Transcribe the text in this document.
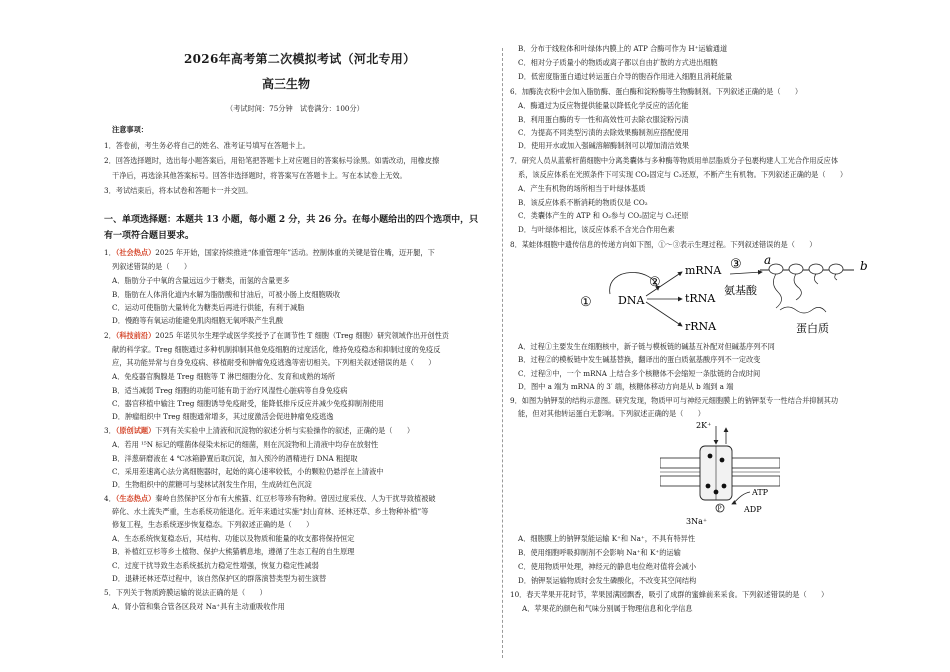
2026年高考第二次模拟考试（河北专用）
高三生物
（考试时间：75分钟　试卷满分：100分）
注意事项：
1．答卷前，考生务必将自己的姓名、准考证号填写在答题卡上。
2．回答选择题时，选出每小题答案后，用铅笔把答题卡上对应题目的答案标号涂黑。如需改动，用橡皮擦
干净后，再选涂其他答案标号。回答非选择题时，将答案写在答题卡上。写在本试卷上无效。
3．考试结束后，将本试卷和答题卡一并交回。
一、单项选择题：本题共 13 小题，每小题 2 分，共 26 分。在每小题给出的四个选项中，只
有一项符合题目要求。
1．（社会热点）2025 年开始，国家持续推进“体重管理年”活动。控制体重的关键是管住嘴，迈开腿，下
列叙述错误的是（　　）
A．脂肪分子中氧的含量远远少于糖类，而氢的含量更多
B．脂肪在人体消化道内水解为脂肪酸和甘油后，可被小肠上皮细胞吸收
C．运动可使脂肪大量转化为糖类后再进行供能，有利于减脂
D．慢跑等有氧运动能避免肌肉细胞无氧呼吸产生乳酸
2．（科技前沿）2025 年诺贝尔生理学或医学奖授予了在调节性 T 细胞（Treg 细胞）研究领域作出开创性贡
献的科学家。Treg 细胞通过多种机制抑制其他免疫细胞的过度活化，维持免疫稳态和抑制过度的免疫反
应，其功能异常与自身免疫病、移植耐受和肿瘤免疫逃逸等密切相关。下列相关叙述错误的是（　　）
A．免疫器官胸腺是 Treg 细胞等 T 淋巴细胞分化、发育和成熟的场所
B．适当减弱 Treg 细胞的功能可能有助于治疗风湿性心脏病等自身免疫病
C．器官移植中输注 Treg 细胞诱导免疫耐受，能降低排斥反应并减少免疫抑制剂使用
D．肿瘤组织中 Treg 细胞通常增多，其过度激活会促进肿瘤免疫逃逸
3．（原创试题）下列有关实验中上清液和沉淀物的叙述分析与实验操作的叙述，正确的是（　　）
A．若用 ¹⁵N 标记的噬菌体侵染未标记的细菌，则在沉淀物和上清液中均存在放射性
B．洋葱研磨液在 4 ℃冰箱静置后取沉淀，加入预冷的酒精进行 DNA 粗提取
C．采用差速离心法分离细胞器时，起始的离心速率较低，小的颗粒仍悬浮在上清液中
D．生物组织中的蔗糖可与斐林试剂发生作用，生成砖红色沉淀
4．（生态热点）秦岭自然保护区分布有大熊猫、红豆杉等珍有物种。曾因过度采伐、人为干扰导致植被破
碎化、水土流失严重，生态系统功能退化。近年来通过实施“封山育林、还林还草、乡土物种补植”等
修复工程，生态系统逐步恢复稳态。下列叙述正确的是（　　）
A．生态系统恢复稳态后，其结构、功能以及物质和能量的收支都将保持恒定
B．补植红豆杉等乡土植物、保护大熊猫栖息地，遵循了生态工程的自生原理
C．过度干扰导致生态系统抵抗力稳定性增强，恢复力稳定性减弱
D．退耕还林还草过程中，该自然保护区的群落演替类型为初生演替
5．下列关于物质跨膜运输的说法正确的是（　　）
A．肾小管和集合管各区段对 Na⁺具有主动重吸收作用
B．分布于线粒体和叶绿体内膜上的 ATP 合酶可作为 H⁺运输通道
C．相对分子质量小的物质或离子都以自由扩散的方式进出细胞
D．低密度脂蛋白通过转运蛋白介导的胞吞作用进入细胞且消耗能量
6．加酶洗衣粉中会加入脂肪酶、蛋白酶和淀粉酶等生物酶制剂。下列叙述正确的是（　　）
A．酶通过为反应物提供能量以降低化学反应的活化能
B．利用蛋白酶的专一性和高效性可去除衣服淀粉污渍
C．为提高不同类型污渍的去除效果酶制剂应搭配使用
D．使用开水或加入强碱溶解酶制剂可以增加清洁效果
7．研究人员从蓝紫杆菌细胞中分离类囊体与多种酶等物质用单层脂质分子包裹构建人工光合作用反应体
系，该反应体系在光照条件下可实现 CO₂固定与 C₃还原，不断产生有机物。下列叙述正确的是（　　）
A．产生有机物的场所相当于叶绿体基质
B．该反应体系不断消耗的物质仅是 CO₂
C．类囊体产生的 ATP 和 O₂参与 CO₂固定与 C₃还原
D．与叶绿体相比，该反应体系不含光合作用色素
8．某蛙体细胞中遗传信息的传递方向如下图，①～③表示生理过程。下列叙述错误的是（　　）
①
②
DNA
mRNA
tRNA
rRNA
氨基酸
③
蛋白质
a	b
A．过程①主要发生在细胞核中，新子链与模板链的碱基互补配对但碱基序列不同
B．过程②的模板链中发生碱基替换，翻译出的蛋白质氨基酸序列不一定改变
C．过程③中，一个 mRNA 上结合多个核糖体不会缩短一条肽链的合成时间
D．图中 a 端为 mRNA 的 3′ 端，核糖体移动方向是从 b 端到 a 端
9．如图为钠钾泵的结构示意图。研究发现，物质甲可与神经元细胞膜上的钠钾泵专一性结合并抑制其功
能，但对其他转运蛋白无影响。下列叙述正确的是（　　）
P
2K⁺
ATP
ADP
3Na⁺
A．细胞膜上的钠钾泵能运输 K⁺和 Na⁺，不具有特异性
B．使用细胞呼吸抑制剂不会影响 Na⁺和 K⁺的运输
C．使用物质甲处理，神经元的静息电位绝对值将会减小
D．钠钾泵运输物质时会发生磷酸化，不改变其空间结构
10．春天苹果开花时节，苹果园满园飘香，吸引了成群的蜜蜂前来采食。下列叙述错误的是（　　）
A．苹果花的颜色和气味分别属于物理信息和化学信息
